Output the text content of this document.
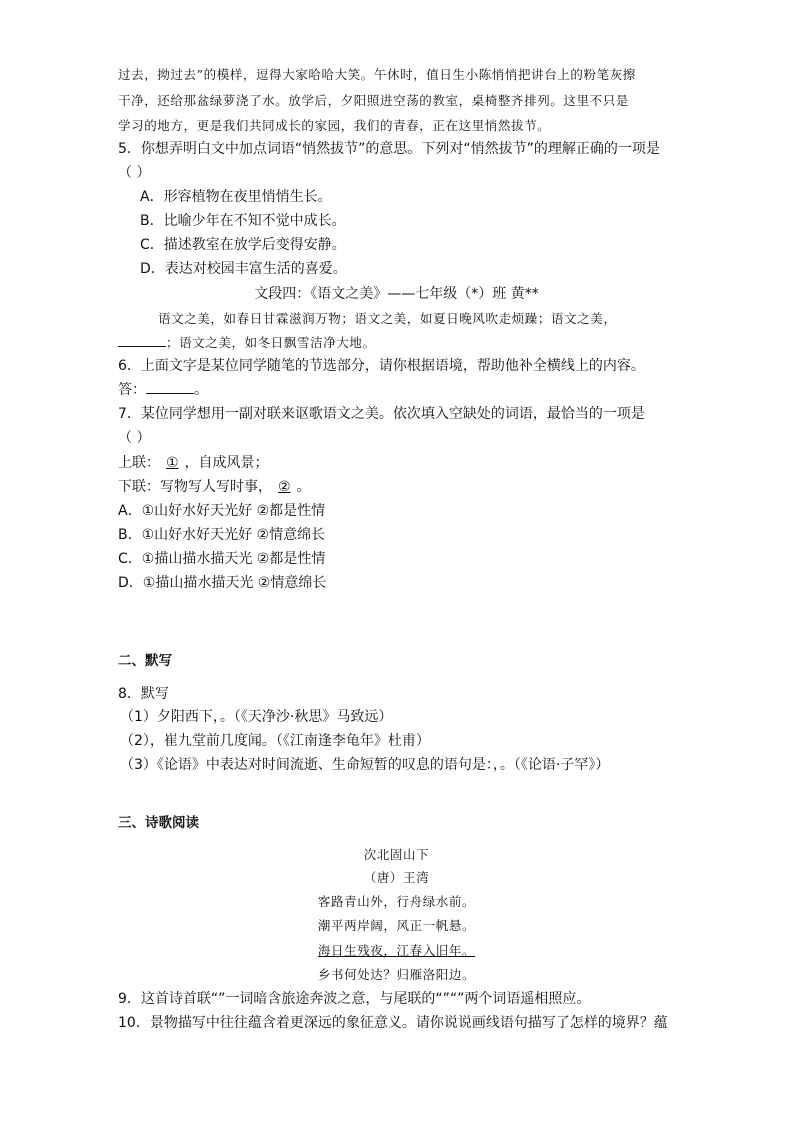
过去，拗过去”的模样，逗得大家哈哈大笑。午休时，值日生小陈悄悄把讲台上的粉笔灰擦
干净，还给那盆绿萝浇了水。放学后，夕阳照进空荡的教室，桌椅整齐排列。这里不只是
学习的地方，更是我们共同成长的家园，我们的青春，正在这里悄然拔节。
5．你想弄明白文中加点词语“悄然拔节”的意思。下列对“悄然拔节”的理解正确的一项是
（ ）
A．形容植物在夜里悄悄生长。
B．比喻少年在不知不觉中成长。
C．描述教室在放学后变得安静。
D．表达对校园丰富生活的喜爱。
文段四：《语文之美》——七年级（*）班 黄**
语文之美，如春日甘霖滋润万物；语文之美，如夏日晚风吹走烦躁；语文之美，
；语文之美，如冬日飘雪洁净大地。
6．上面文字是某位同学随笔的节选部分，请你根据语境，帮助他补全横线上的内容。
答：	。
7．某位同学想用一副对联来讴歌语文之美。依次填入空缺处的词语，最恰当的一项是
（ ）
上联： ① ，自成风景；
下联：写物写人写时事， ② 。
A．①山好水好天光好 ②都是性情
B．①山好水好天光好 ②情意绵长
C．①描山描水描天光 ②都是性情
D．①描山描水描天光 ②情意绵长
二、默写
8．默写
（1）夕阳西下，。（《天净沙·秋思》马致远）
（2），崔九堂前几度闻。（《江南逢李龟年》杜甫）
（3）《论语》中表达对时间流逝、生命短暂的叹息的语句是：，。（《论语·子罕》）
三、诗歌阅读
次北固山下
（唐）王湾
客路青山外，行舟绿水前。
潮平两岸阔，风正一帆悬。
海日生残夜，江春入旧年。
乡书何处达？归雁洛阳边。
9．这首诗首联“”一词暗含旅途奔波之意，与尾联的“”“”两个词语遥相照应。
10．景物描写中往往蕴含着更深远的象征意义。请你说说画线语句描写了怎样的境界？蕴
